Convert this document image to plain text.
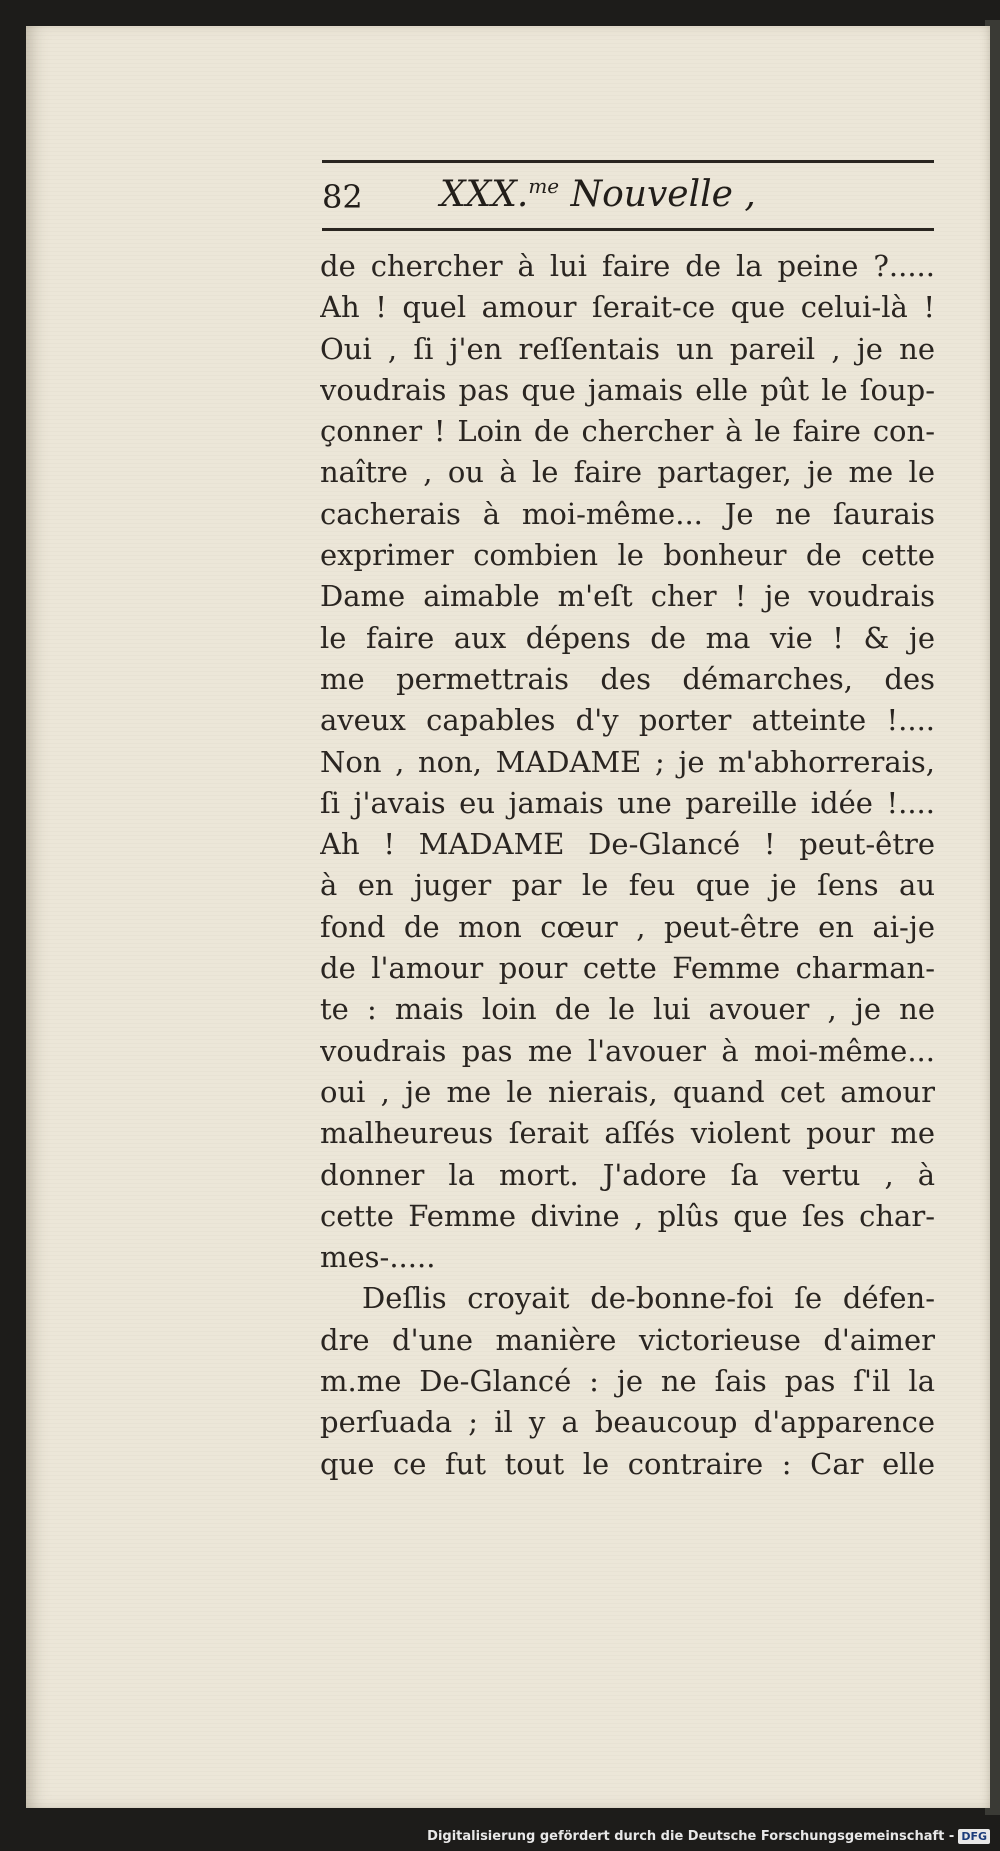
82 XXX.$^{me}$ Nouvelle ,
de chercher à lui faire de la peine ?.....
Ah ! quel amour ſerait-ce que celui-là !
Oui , ſi j'en reſſentais un pareil , je ne
voudrais pas que jamais elle pût le ſoup-
çonner ! Loin de chercher à le faire con-
naître , ou à le faire partager, je me le
cacherais à moi-même... Je ne ſaurais
exprimer combien le bonheur de cette
Dame aimable m'eſt cher ! je voudrais
le faire aux dépens de ma vie ! & je
me permettrais des démarches, des
aveux capables d'y porter atteinte !....
Non , non, MADAME ; je m'abhorrerais,
ſi j'avais eu jamais une pareille idée !....
Ah ! MADAME De-Glancé ! peut-être
à en juger par le feu que je ſens au
fond de mon cœur , peut-être en ai-je
de l'amour pour cette Femme charman-
te : mais loin de le lui avouer , je ne
voudrais pas me l'avouer à moi-même...
oui , je me le nierais, quand cet amour
malheureus ſerait aſſés violent pour me
donner la mort. J'adore ſa vertu , à
cette Femme divine , plûs que ſes char-
mes-.....
Deſlis croyait de-bonne-foi ſe défen-
dre d'une manière victorieuse d'aimer
m.me De-Glancé : je ne ſais pas ſ'il la
perſuada ; il y a beaucoup d'apparence
que ce fut tout le contraire : Car elle
Digitalisierung gefördert durch die Deutsche Forschungsgemeinschaft - DFG
